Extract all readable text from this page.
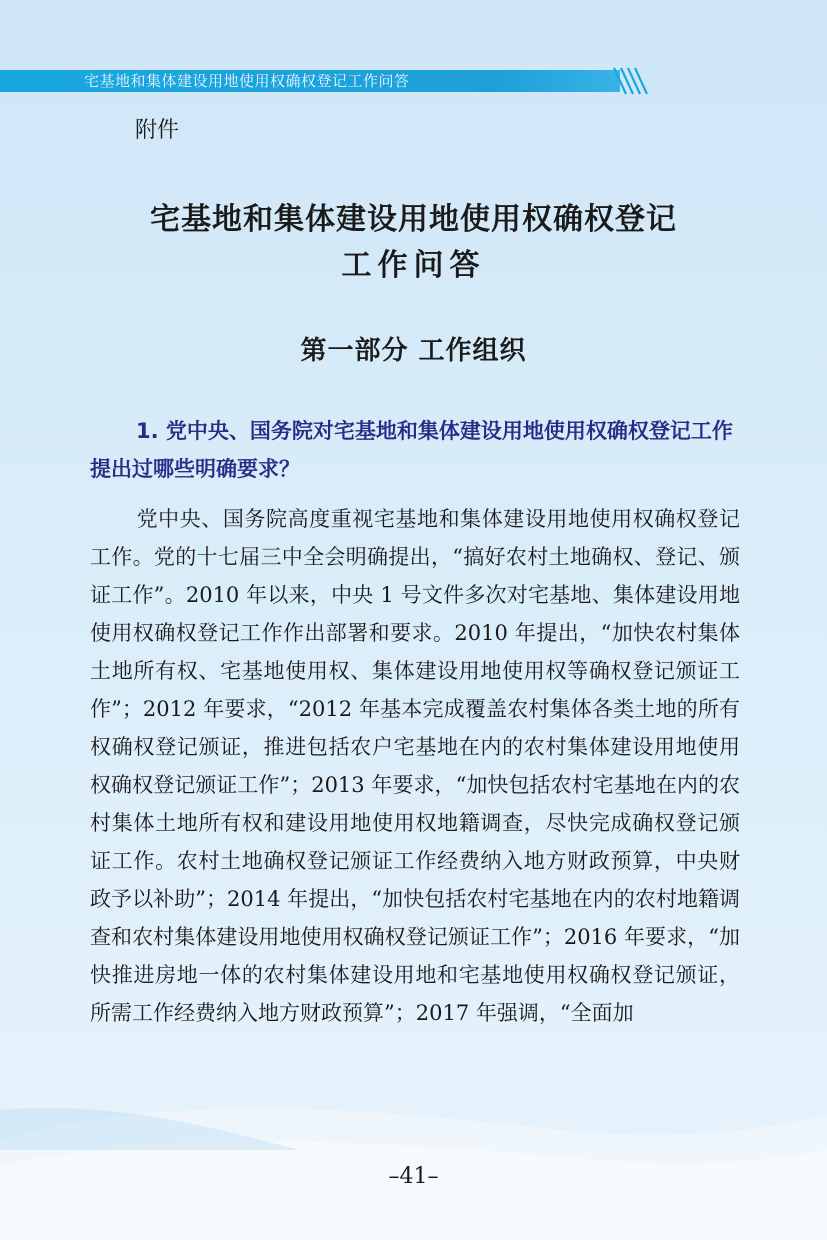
宅基地和集体建设用地使用权确权登记工作问答
附件
宅基地和集体建设用地使用权确权登记
工作问答
第一部分 工作组织
1. 党中央、国务院对宅基地和集体建设用地使用权确权登记工作提出过哪些明确要求？
党中央、国务院高度重视宅基地和集体建设用地使用权确权登记工作。党的十七届三中全会明确提出，“搞好农村土地确权、登记、颁证工作”。2010 年以来，中央 1 号文件多次对宅基地、集体建设用地使用权确权登记工作作出部署和要求。2010 年提出，“加快农村集体土地所有权、宅基地使用权、集体建设用地使用权等确权登记颁证工作”；2012 年要求，“2012 年基本完成覆盖农村集体各类土地的所有权确权登记颁证，推进包括农户宅基地在内的农村集体建设用地使用权确权登记颁证工作”；2013 年要求，“加快包括农村宅基地在内的农村集体土地所有权和建设用地使用权地籍调查，尽快完成确权登记颁证工作。农村土地确权登记颁证工作经费纳入地方财政预算，中央财政予以补助”；2014 年提出，“加快包括农村宅基地在内的农村地籍调查和农村集体建设用地使用权确权登记颁证工作”；2016 年要求，“加快推进房地一体的农村集体建设用地和宅基地使用权确权登记颁证，所需工作经费纳入地方财政预算”；2017 年强调，“全面加
–41–
